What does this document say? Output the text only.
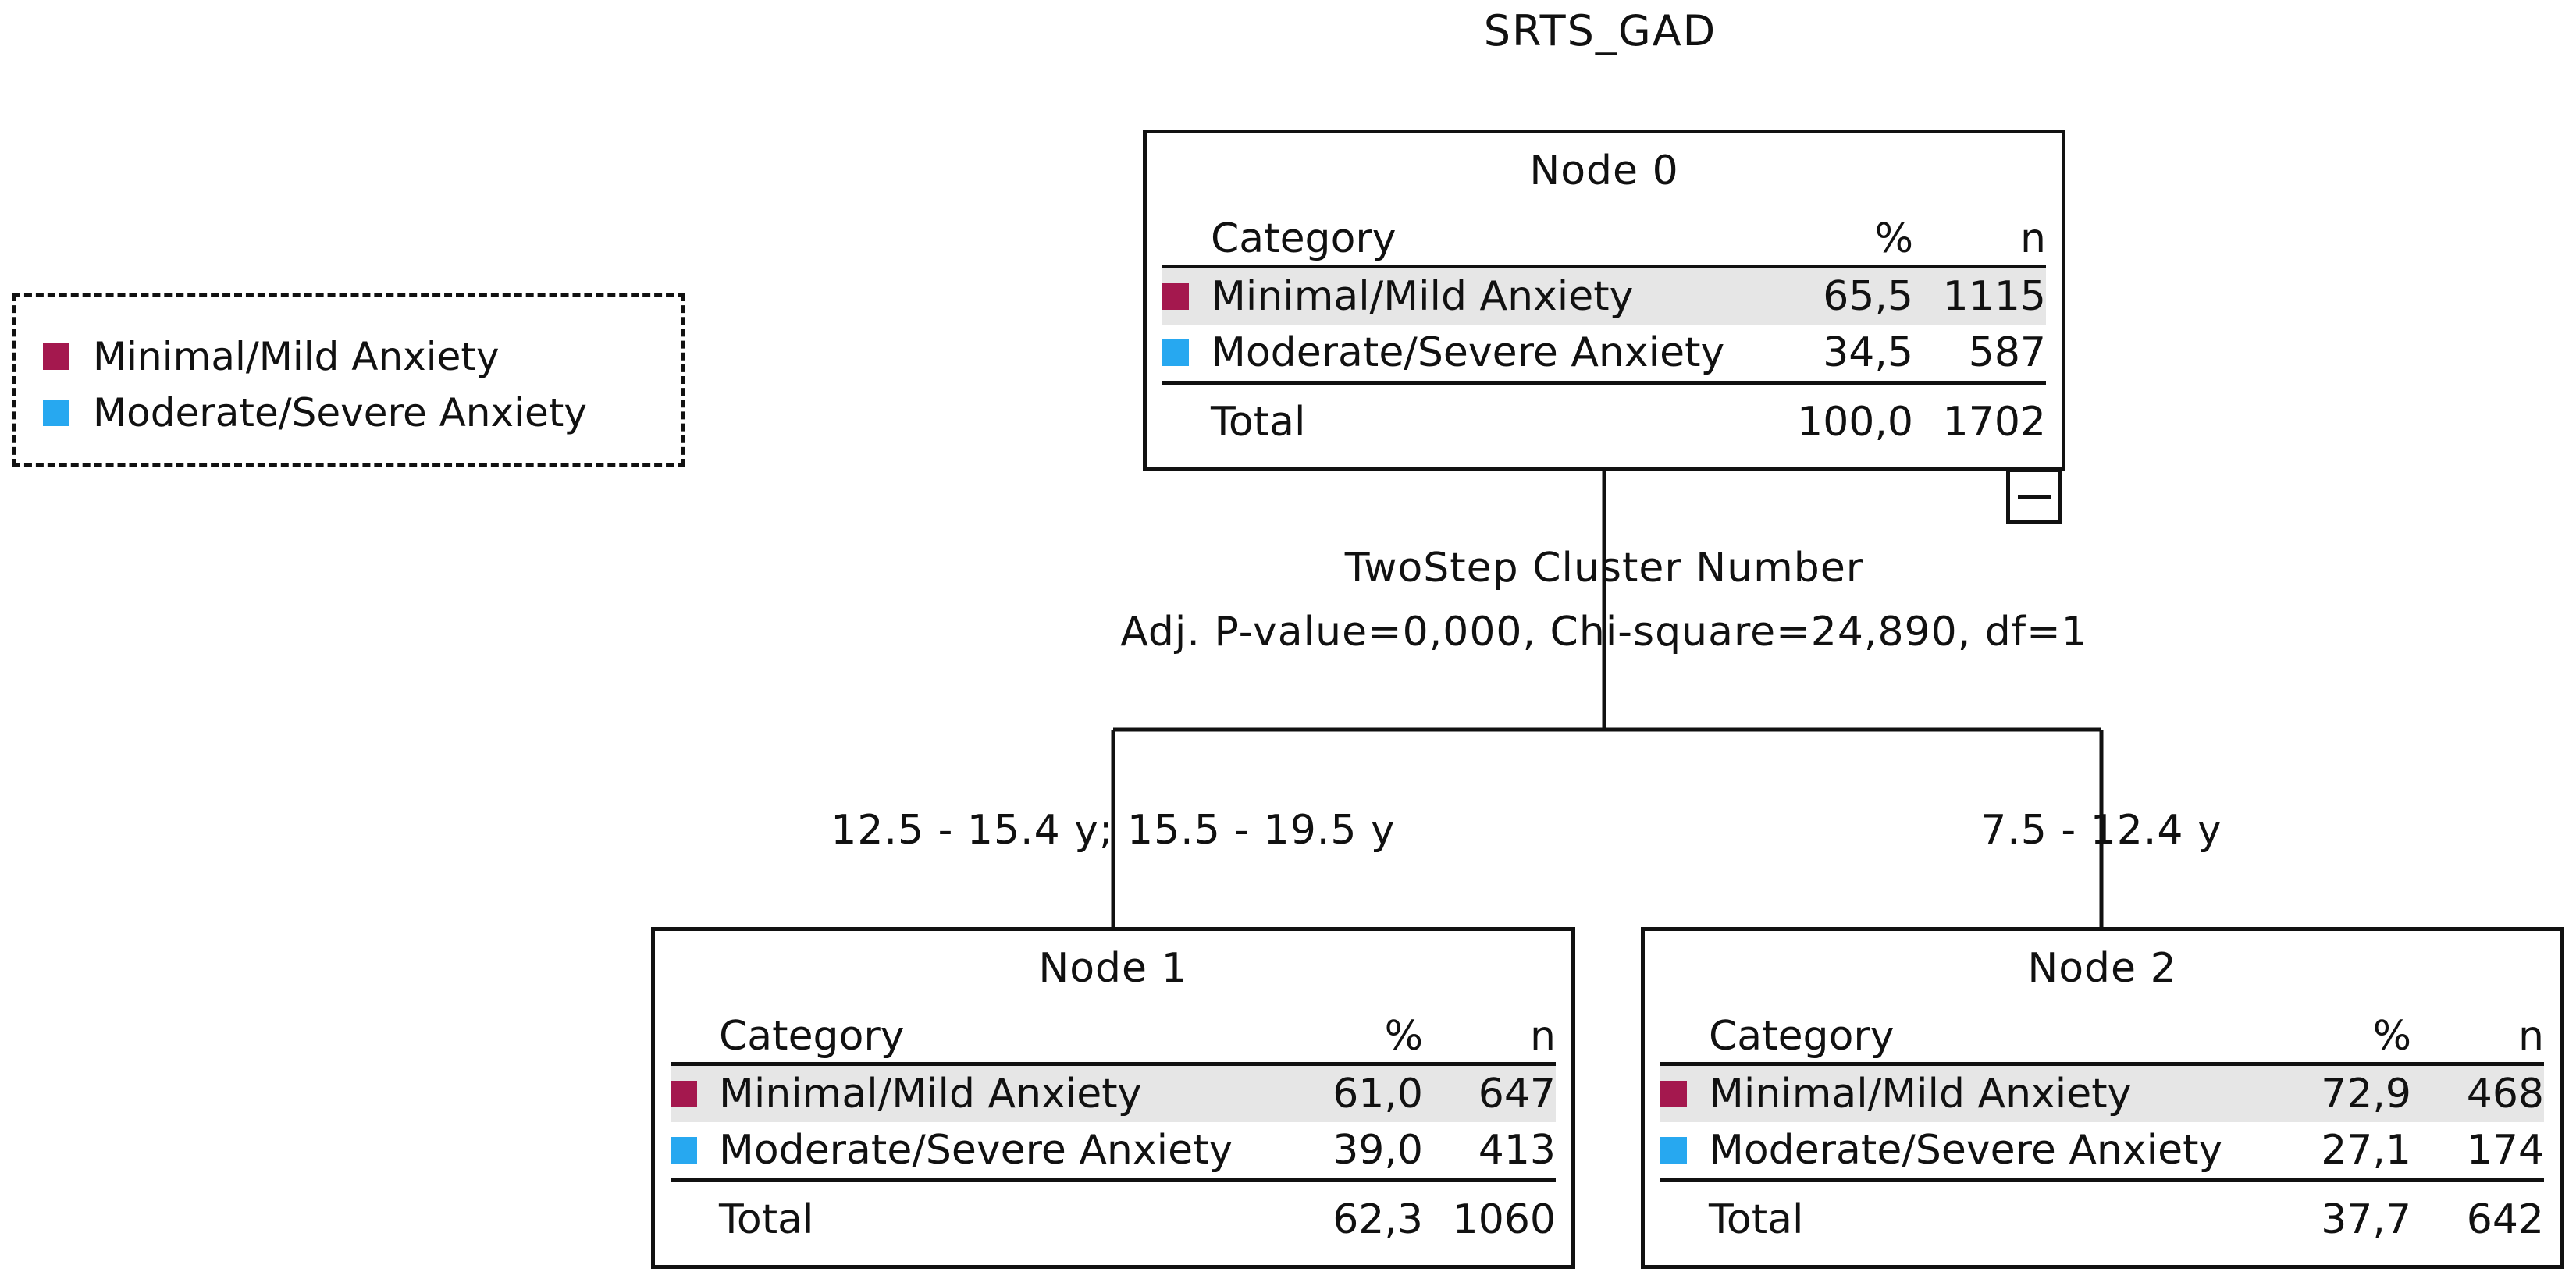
SRTS_GAD
Minimal/Mild Anxiety
Moderate/Severe Anxiety
Node 0
Category	%	n
Minimal/Mild Anxiety	65,5 1115
Moderate/Severe Anxiety	34,5	587
Total	100,0 1702
TwoStep Cluster Number
Adj. P-value=0,000, Chi-square=24,890, df=1
12.5 - 15.4 y; 15.5 - 19.5 y	7.5 - 12.4 y
Node 1
Category	%	n
Minimal/Mild Anxiety	61,0	647
Moderate/Severe Anxiety	39,0	413
Total	62,3 1060
Node 2
Category	%	n
Minimal/Mild Anxiety	72,9	468
Moderate/Severe Anxiety	27,1	174
Total	37,7	642
